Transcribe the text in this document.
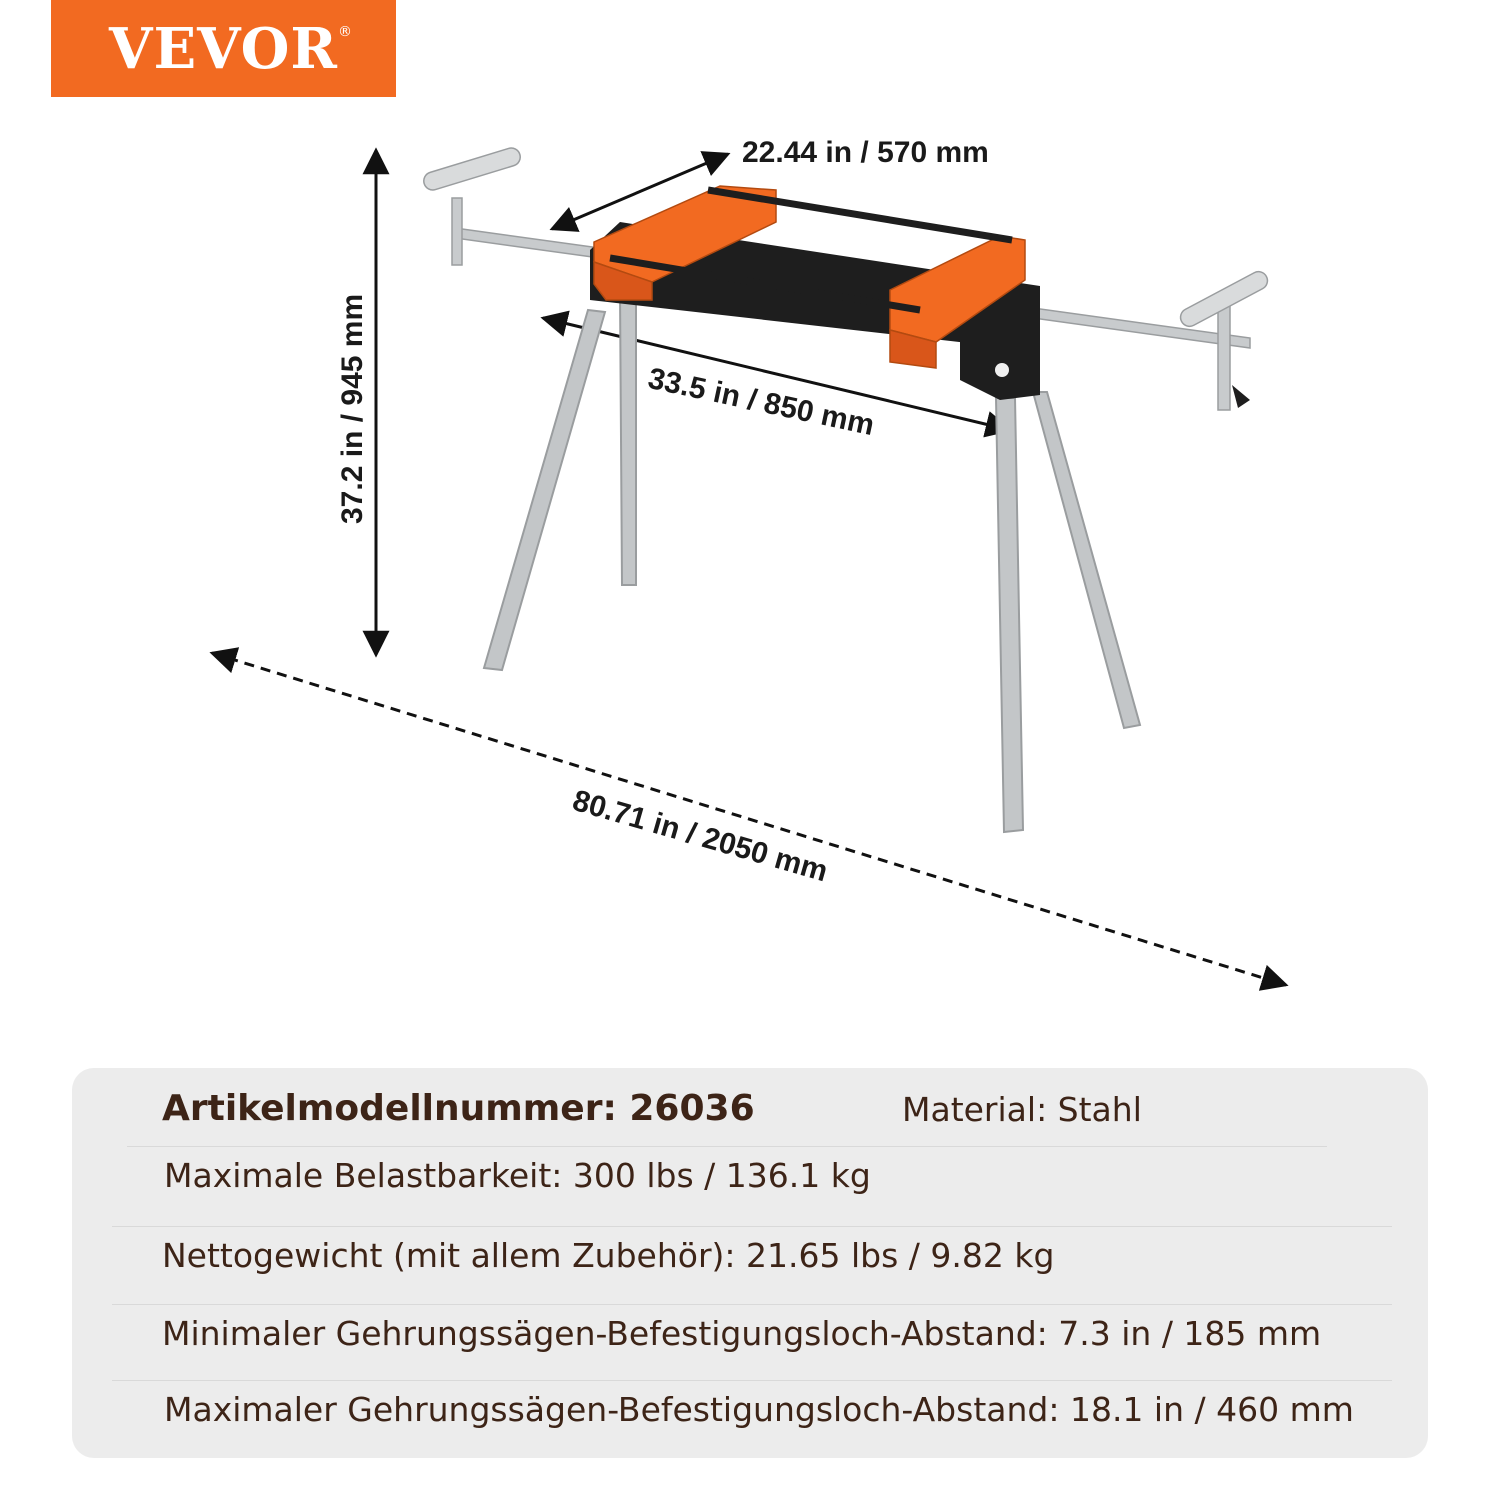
VEVOR ®
22.44 in / 570 mm
33.5 in / 850 mm
37.2 in / 945 mm
80.71 in / 2050 mm
Artikelmodellnummer: 26036	Material: Stahl
Maximale Belastbarkeit: 300 lbs / 136.1 kg
Nettogewicht (mit allem Zubehör): 21.65 lbs / 9.82 kg
Minimaler Gehrungssägen-Befestigungsloch-Abstand: 7.3 in / 185 mm
Maximaler Gehrungssägen-Befestigungsloch-Abstand: 18.1 in / 460 mm
